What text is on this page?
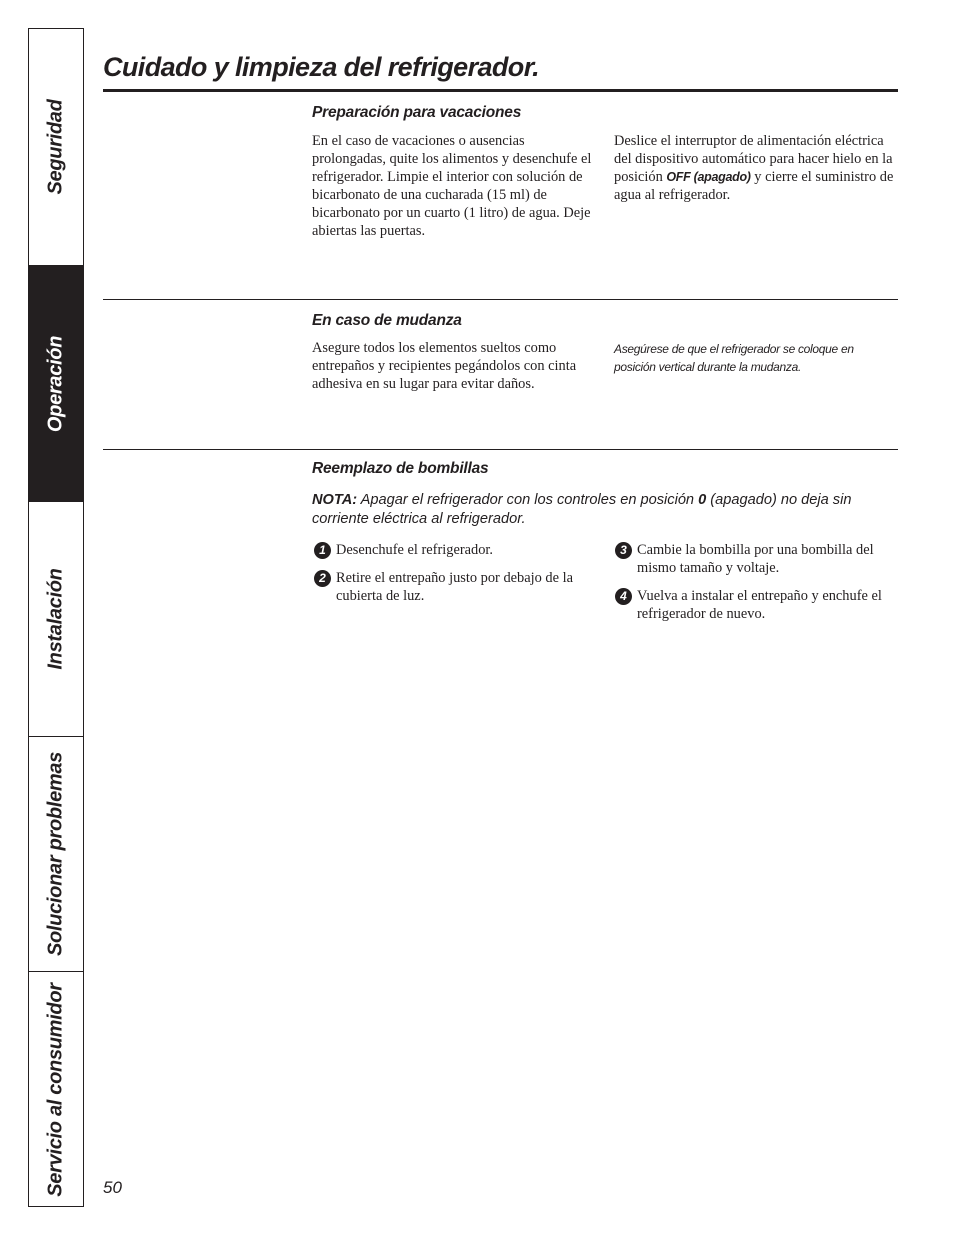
Seguridad
Operación
Instalación
Solucionar problemas
Servicio al consumidor
Cuidado y limpieza del refrigerador.
Preparación para vacaciones

En el caso de vacaciones o ausencias prolongadas, quite los alimentos y desenchufe el refrigerador. Limpie el interior con solución de bicarbonato de una cucharada (15 ml) de bicarbonato por un cuarto (1 litro) de agua. Deje abiertas las puertas.

Deslice el interruptor de alimentación eléctrica del dispositivo automático para hacer hielo en la posición OFF (apagado) y cierre el suministro de agua al refrigerador.

En caso de mudanza

Asegure todos los elementos sueltos como entrepaños y recipientes pegándolos con cinta adhesiva en su lugar para evitar daños.

Asegúrese de que el refrigerador se coloque en posición vertical durante la mudanza.

Reemplazo de bombillas

NOTA: Apagar el refrigerador con los controles en posición 0 (apagado) no deja sin corriente eléctrica al refrigerador.

1 Desenchufe el refrigerador.
2 Retire el entrepaño justo por debajo de la cubierta de luz.
3 Cambie la bombilla por una bombilla del mismo tamaño y voltaje.
4 Vuelva a instalar el entrepaño y enchufe el refrigerador de nuevo.

50
